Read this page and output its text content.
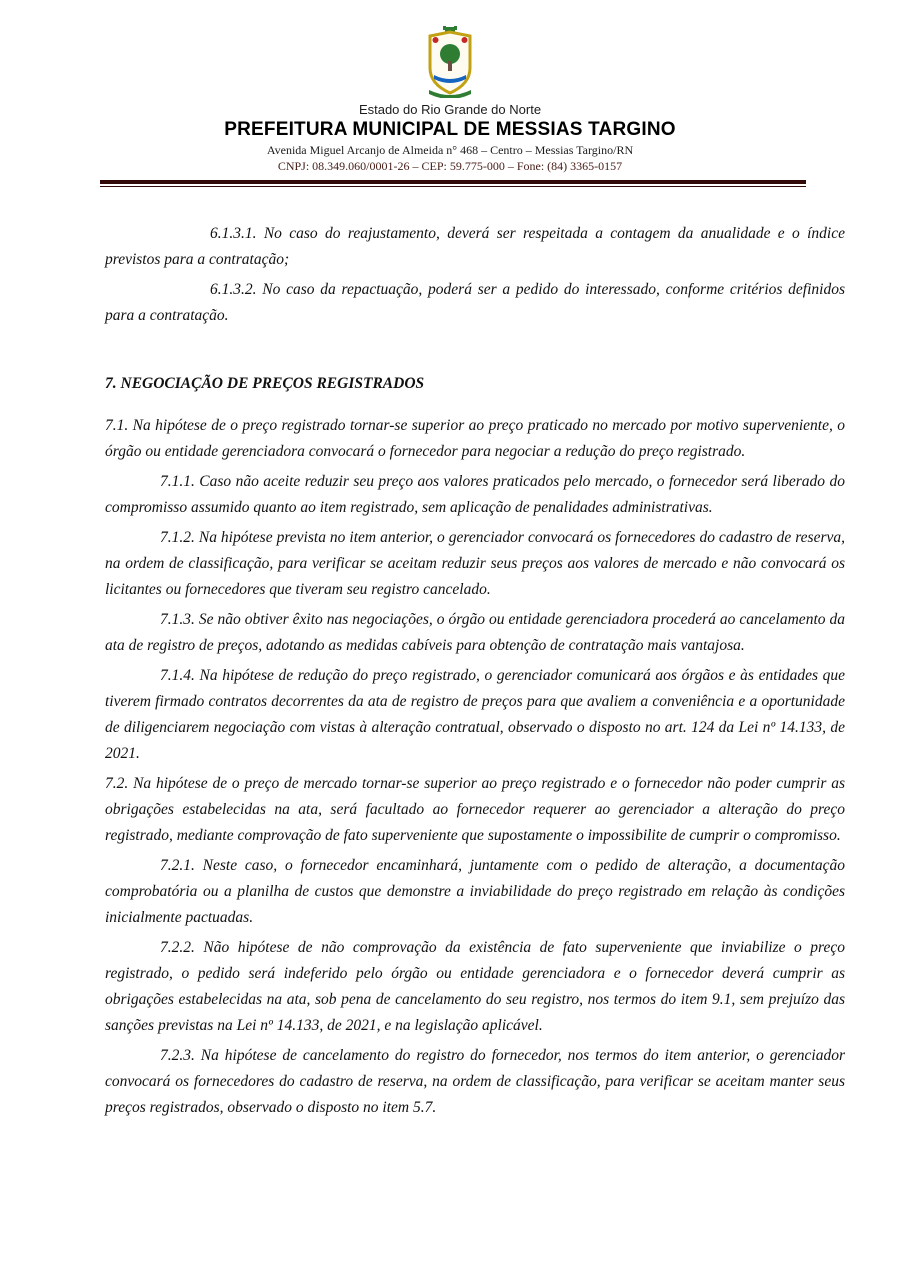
Estado do Rio Grande do Norte
PREFEITURA MUNICIPAL DE MESSIAS TARGINO
Avenida Miguel Arcanjo de Almeida n° 468 – Centro – Messias Targino/RN
CNPJ: 08.349.060/0001-26 – CEP: 59.775-000 – Fone: (84) 3365-0157

6.1.3.1. No caso do reajustamento, deverá ser respeitada a contagem da anualidade e o índice previstos para a contratação;

6.1.3.2. No caso da repactuação, poderá ser a pedido do interessado, conforme critérios definidos para a contratação.

7. NEGOCIAÇÃO DE PREÇOS REGISTRADOS

7.1. Na hipótese de o preço registrado tornar-se superior ao preço praticado no mercado por motivo superveniente, o órgão ou entidade gerenciadora convocará o fornecedor para negociar a redução do preço registrado.

7.1.1. Caso não aceite reduzir seu preço aos valores praticados pelo mercado, o fornecedor será liberado do compromisso assumido quanto ao item registrado, sem aplicação de penalidades administrativas.

7.1.2. Na hipótese prevista no item anterior, o gerenciador convocará os fornecedores do cadastro de reserva, na ordem de classificação, para verificar se aceitam reduzir seus preços aos valores de mercado e não convocará os licitantes ou fornecedores que tiveram seu registro cancelado.

7.1.3. Se não obtiver êxito nas negociações, o órgão ou entidade gerenciadora procederá ao cancelamento da ata de registro de preços, adotando as medidas cabíveis para obtenção de contratação mais vantajosa.

7.1.4. Na hipótese de redução do preço registrado, o gerenciador comunicará aos órgãos e às entidades que tiverem firmado contratos decorrentes da ata de registro de preços para que avaliem a conveniência e a oportunidade de diligenciarem negociação com vistas à alteração contratual, observado o disposto no art. 124 da Lei nº 14.133, de 2021.

7.2. Na hipótese de o preço de mercado tornar-se superior ao preço registrado e o fornecedor não poder cumprir as obrigações estabelecidas na ata, será facultado ao fornecedor requerer ao gerenciador a alteração do preço registrado, mediante comprovação de fato superveniente que supostamente o impossibilite de cumprir o compromisso.

7.2.1. Neste caso, o fornecedor encaminhará, juntamente com o pedido de alteração, a documentação comprobatória ou a planilha de custos que demonstre a inviabilidade do preço registrado em relação às condições inicialmente pactuadas.

7.2.2. Não hipótese de não comprovação da existência de fato superveniente que inviabilize o preço registrado, o pedido será indeferido pelo órgão ou entidade gerenciadora e o fornecedor deverá cumprir as obrigações estabelecidas na ata, sob pena de cancelamento do seu registro, nos termos do item 9.1, sem prejuízo das sanções previstas na Lei nº 14.133, de 2021, e na legislação aplicável.

7.2.3. Na hipótese de cancelamento do registro do fornecedor, nos termos do item anterior, o gerenciador convocará os fornecedores do cadastro de reserva, na ordem de classificação, para verificar se aceitam manter seus preços registrados, observado o disposto no item 5.7.
